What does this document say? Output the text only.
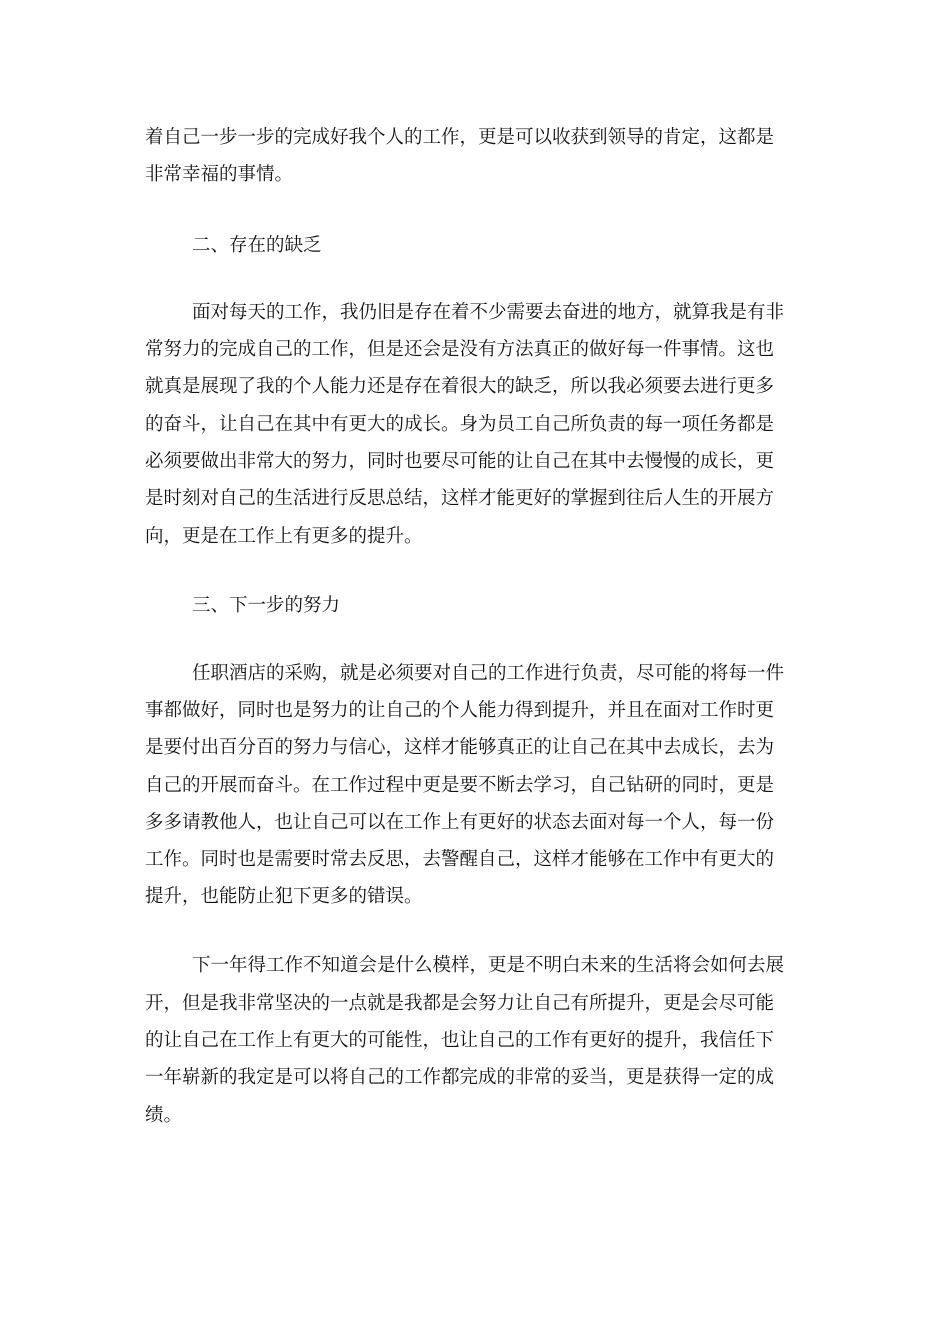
着自己一步一步的完成好我个人的工作，更是可以收获到领导的肯定，这都是

非常幸福的事情。

二、存在的缺乏

面对每天的工作，我仍旧是存在着不少需要去奋进的地方，就算我是有非

常努力的完成自己的工作，但是还会是没有方法真正的做好每一件事情。这也

就真是展现了我的个人能力还是存在着很大的缺乏，所以我必须要去进行更多

的奋斗，让自己在其中有更大的成长。身为员工自己所负责的每一项任务都是

必须要做出非常大的努力，同时也要尽可能的让自己在其中去慢慢的成长，更

是时刻对自己的生活进行反思总结，这样才能更好的掌握到往后人生的开展方

向，更是在工作上有更多的提升。

三、下一步的努力

任职酒店的采购，就是必须要对自己的工作进行负责，尽可能的将每一件

事都做好，同时也是努力的让自己的个人能力得到提升，并且在面对工作时更

是要付出百分百的努力与信心，这样才能够真正的让自己在其中去成长，去为

自己的开展而奋斗。在工作过程中更是要不断去学习，自己钻研的同时，更是

多多请教他人，也让自己可以在工作上有更好的状态去面对每一个人，每一份

工作。同时也是需要时常去反思，去警醒自己，这样才能够在工作中有更大的

提升，也能防止犯下更多的错误。

下一年得工作不知道会是什么模样，更是不明白未来的生活将会如何去展

开，但是我非常坚决的一点就是我都是会努力让自己有所提升，更是会尽可能

的让自己在工作上有更大的可能性，也让自己的工作有更好的提升，我信任下

一年崭新的我定是可以将自己的工作都完成的非常的妥当，更是获得一定的成

绩。
